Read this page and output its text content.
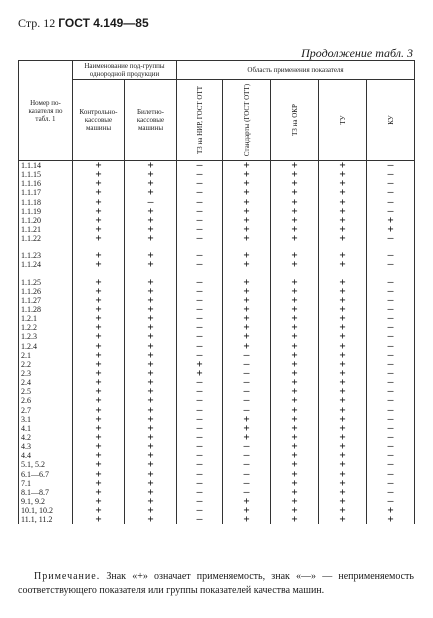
Стр. 12 ГОСТ 4.149—85
Продолжение табл. 3
Номер по-казателя по табл. 1	Наименование под-группы однородной продукции		Область применения показателя				
	Контрольно-кассовые машины	Билетно-кассовые машины	ТЗ на НИР, ГОСТ ОТТ	Стандарты (ГОСТ ОТТ)	ТЗ на ОКР	ТУ	КУ

1.1.14	+	+	—	+	+	+	—
1.1.15	+	+	—	+	+	+	—
1.1.16	+	+	—	+	+	+	—
1.1.17	+	+	—	+	+	+	—
1.1.18	+	—	—	+	+	+	—
1.1.19	+	+	—	+	+	+	—
1.1.20	+	+	—	+	+	+	+
1.1.21	+	+	—	+	+	+	+
1.1.22	+	+	—	+	+	+	—

1.1.23	+	+	—	+	+	+	—
1.1.24	+	+	—	+	+	+	—

1.1.25	+	+	—	+	+	+	—
1.1.26	+	+	—	+	+	+	—
1.1.27	+	+	—	+	+	+	—
1.1.28	+	+	—	+	+	+	—
1.2.1	+	+	—	+	+	+	—
1.2.2	+	+	—	+	+	+	—
1.2.3	+	+	—	+	+	+	—
1.2.4	+	+	—	+	+	+	—
2.1	+	+	—	—	+	+	—
2.2	+	+	+	—	+	+	—
2.3	+	+	+	—	+	+	—
2.4	+	+	—	—	+	+	—
2.5	+	+	—	—	+	+	—
2.6	+	+	—	—	+	+	—
2.7	+	+	—	—	+	+	—
3.1	+	+	—	+	+	+	—
4.1	+	+	—	+	+	+	—
4.2	+	+	—	+	+	+	—
4.3	+	+	—	—	+	+	—
4.4	+	+	—	—	+	+	—
5.1, 5.2	+	+	—	—	+	+	—
6.1—6.7	+	+	—	—	+	+	—
7.1	+	+	—	—	+	+	—
8.1—8.7	+	+	—	—	+	+	—
9.1, 9.2	+	+	—	+	+	+	—
10.1, 10.2	+	+	—	+	+	+	+
11.1, 11.2	+	+	—	+	+	+	+
Примечание. Знак «+» означает применяемость, знак «—» — неприменяемость соответствующего показателя или группы показателей качества машин.
